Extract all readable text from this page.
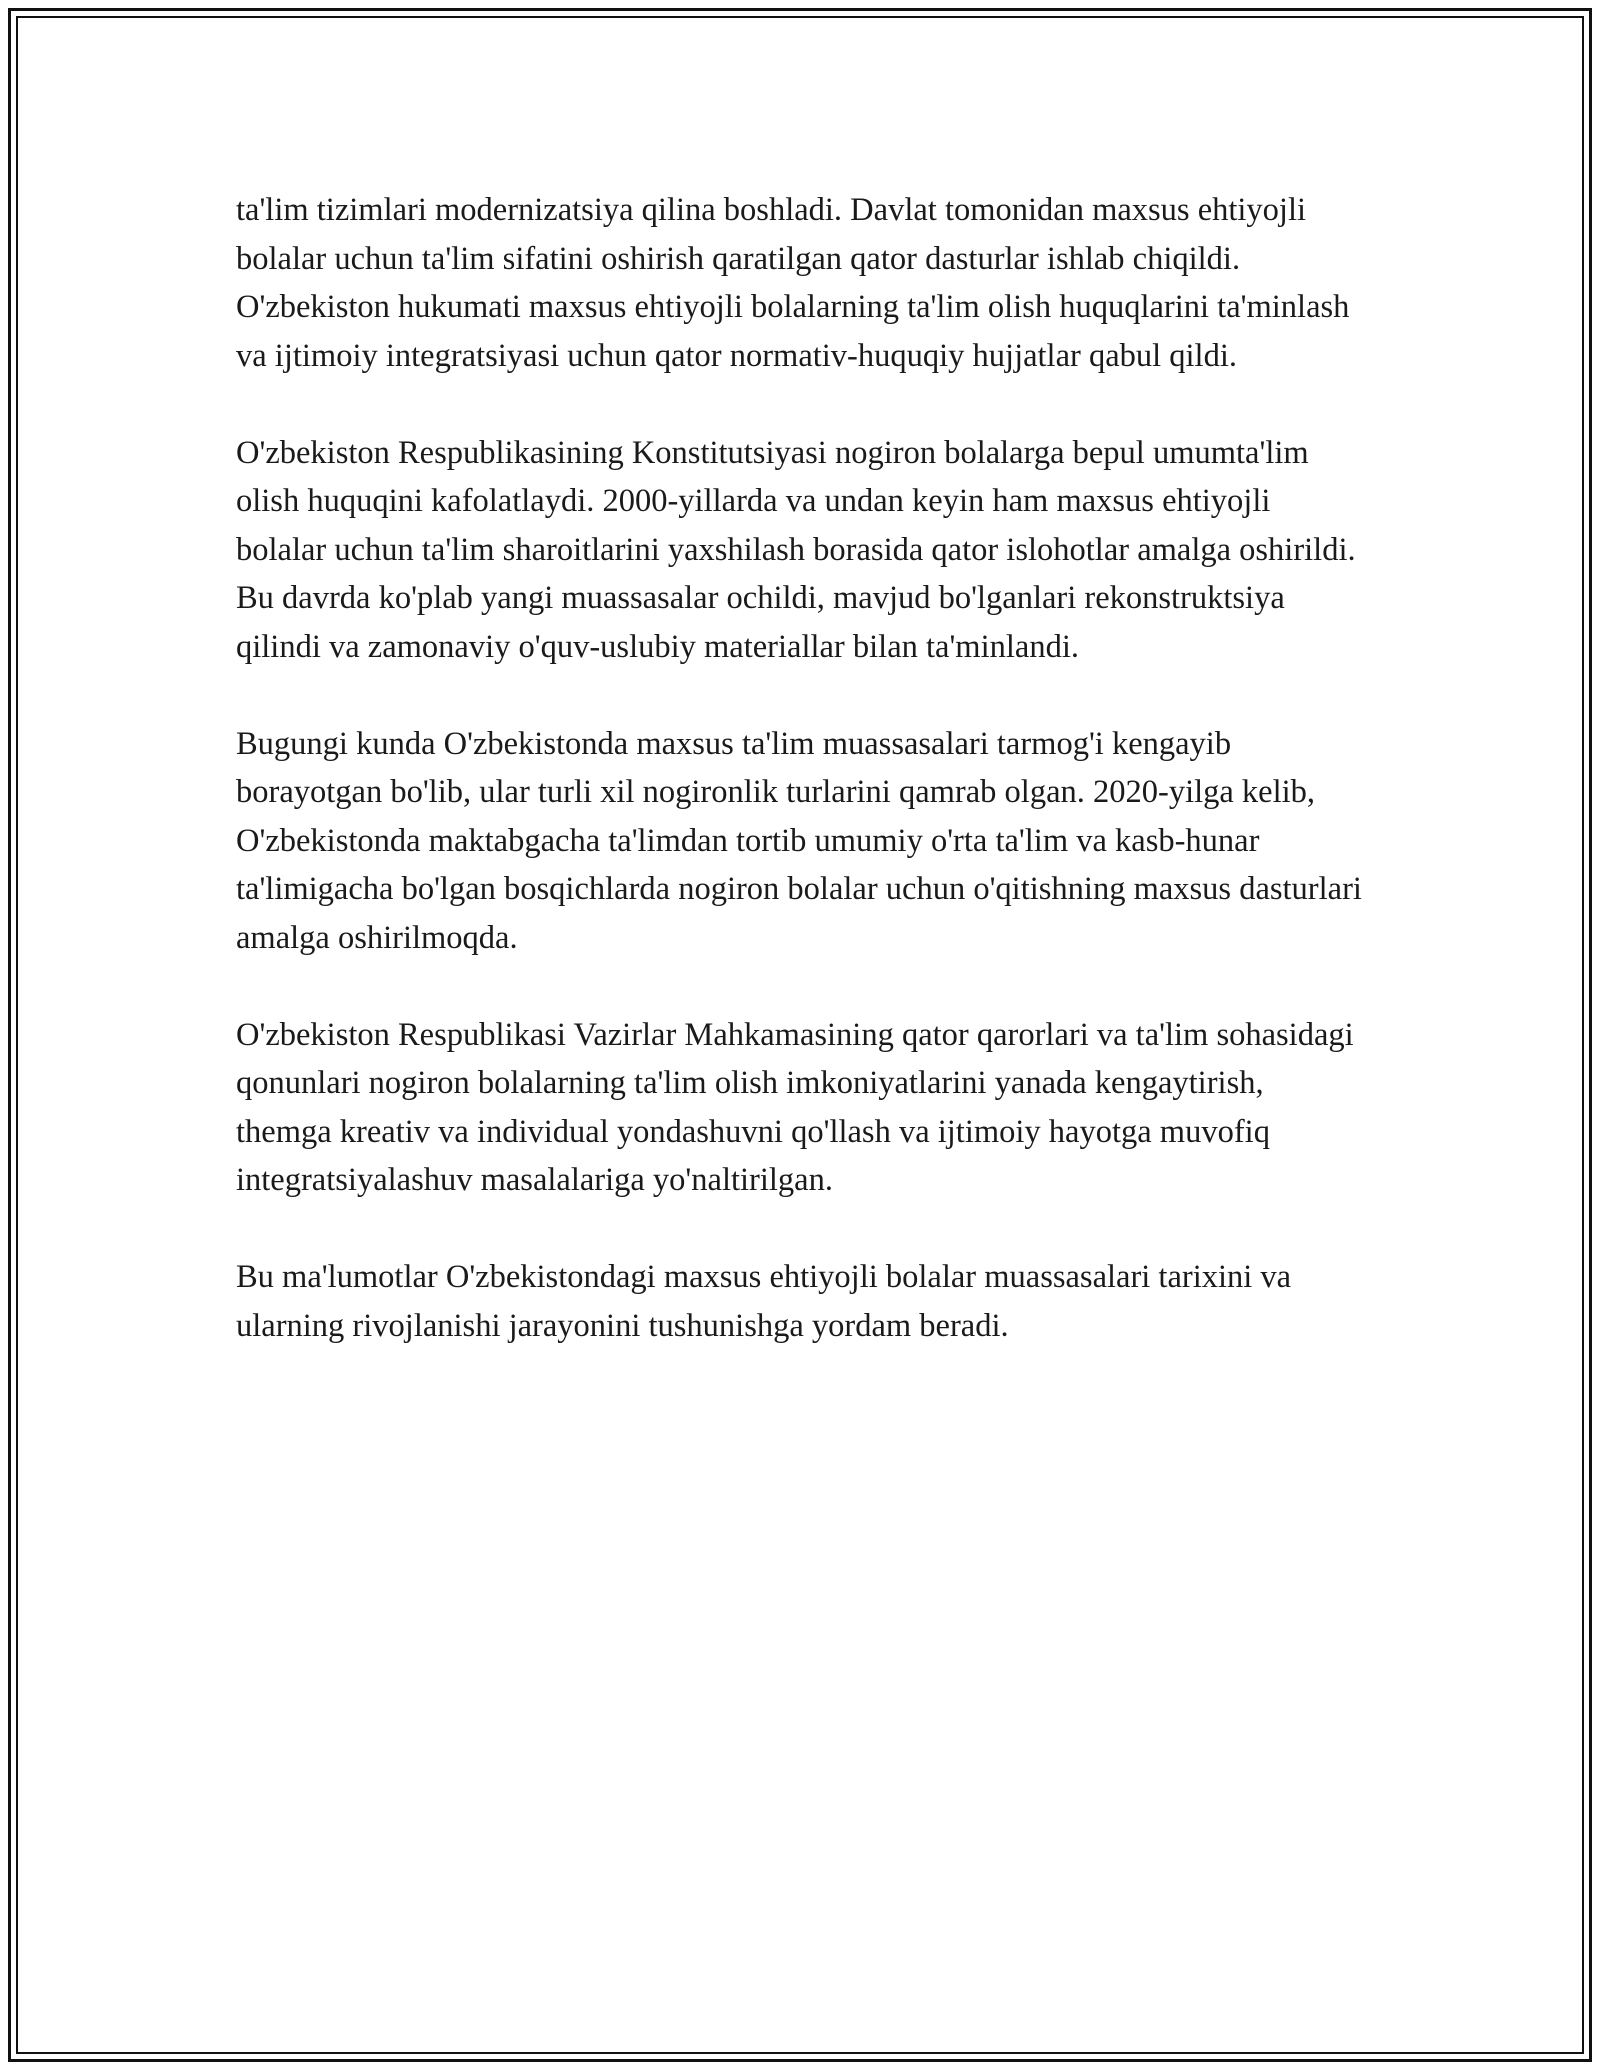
ta'lim tizimlari modernizatsiya qilina boshladi. Davlat tomonidan maxsus ehtiyojli bolalar uchun ta'lim sifatini oshirish qaratilgan qator dasturlar ishlab chiqildi. O'zbekiston hukumati maxsus ehtiyojli bolalarning ta'lim olish huquqlarini ta'minlash va ijtimoiy integratsiyasi uchun qator normativ-huquqiy hujjatlar qabul qildi.

O'zbekiston Respublikasining Konstitutsiyasi nogiron bolalarga bepul umumta'lim olish huquqini kafolatlaydi. 2000-yillarda va undan keyin ham maxsus ehtiyojli bolalar uchun ta'lim sharoitlarini yaxshilash borasida qator islohotlar amalga oshirildi. Bu davrda ko'plab yangi muassasalar ochildi, mavjud bo'lganlari rekonstruktsiya qilindi va zamonaviy o'quv-uslubiy materiallar bilan ta'minlandi.

Bugungi kunda O'zbekistonda maxsus ta'lim muassasalari tarmog'i kengayib borayotgan bo'lib, ular turli xil nogironlik turlarini qamrab olgan. 2020-yilga kelib, O'zbekistonda maktabgacha ta'limdan tortib umumiy o'rta ta'lim va kasb-hunar ta'limigacha bo'lgan bosqichlarda nogiron bolalar uchun o'qitishning maxsus dasturlari amalga oshirilmoqda.

O'zbekiston Respublikasi Vazirlar Mahkamasining qator qarorlari va ta'lim sohasidagi qonunlari nogiron bolalarning ta'lim olish imkoniyatlarini yanada kengaytirish, themga kreativ va individual yondashuvni qo'llash va ijtimoiy hayotga muvofiq integratsiyalashuv masalalariga yo'naltirilgan.

Bu ma'lumotlar O'zbekistondagi maxsus ehtiyojli bolalar muassasalari tarixini va ularning rivojlanishi jarayonini tushunishga yordam beradi.
